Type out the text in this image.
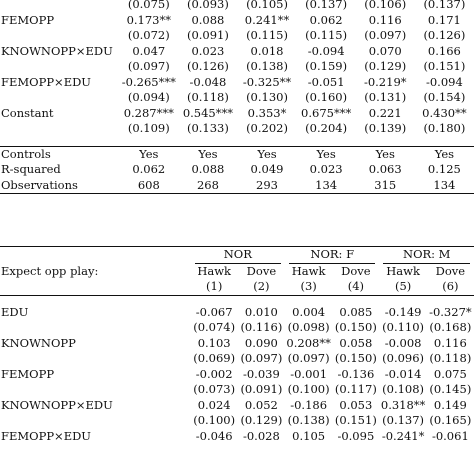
	(0.075)	(0.093)	(0.105)	(0.137)	(0.106)	(0.137)
FEMOPP	0.173**	0.088	0.241**	0.062	0.116	0.171
	(0.072)	(0.091)	(0.115)	(0.115)	(0.097)	(0.126)
KNOWNOPP×EDU	0.047	0.023	0.018	-0.094	0.070	0.166
	(0.097)	(0.126)	(0.138)	(0.159)	(0.129)	(0.151)
FEMOPP×EDU	-0.265***	-0.048	-0.325**	-0.051	-0.219*	-0.094
	(0.094)	(0.118)	(0.130)	(0.160)	(0.131)	(0.154)
Constant	0.287***	0.545***	0.353*	0.675***	0.221	0.430**
	(0.109)	(0.133)	(0.202)	(0.204)	(0.139)	(0.180)

Controls	Yes	Yes	Yes	Yes	Yes	Yes
R-squared	0.062	0.088	0.049	0.023	0.063	0.125
Observations	608	268	293	134	315	134

	NOR		NOR: F		NOR: M	

Expect opp play:	Hawk	Dove	Hawk	Dove	Hawk	Dove
	(1)	(2)	(3)	(4)	(5)	(6)

EDU	-0.067	0.010	0.004	0.085	-0.149	-0.327*
	(0.074)	(0.116)	(0.098)	(0.150)	(0.110)	(0.168)
KNOWNOPP	0.103	0.090	0.208**	0.058	-0.008	0.116
	(0.069)	(0.097)	(0.097)	(0.150)	(0.096)	(0.118)
FEMOPP	-0.002	-0.039	-0.001	-0.136	-0.014	0.075
	(0.073)	(0.091)	(0.100)	(0.117)	(0.108)	(0.145)
KNOWNOPP×EDU	0.024	0.052	-0.186	0.053	0.318**	0.149
	(0.100)	(0.129)	(0.138)	(0.151)	(0.137)	(0.165)
FEMOPP×EDU	-0.046	-0.028	0.105	-0.095	-0.241*	-0.061
